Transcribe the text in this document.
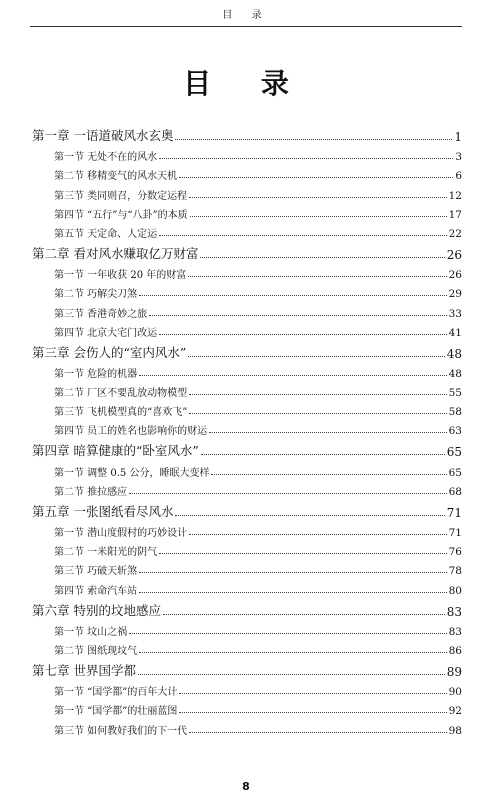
目 录
目 录
第一章 一语道破风水玄奥	1
第一节 无处不在的风水	3
第二节 移精变气的风水天机	6
第三节 类同则召，分数定运程	12
第四节 “五行”与“八卦”的本质	17
第五节 天定命、人定运	22
第二章 看对风水赚取亿万财富	26
第一节 一年收获 20 年的财富	26
第二节 巧解尖刀煞	29
第三节 香港奇妙之旅	33
第四节 北京大宅门改运	41
第三章 会伤人的“室内风水”	48
第一节 危险的机器	48
第二节 厂区不要乱放动物模型	55
第三节 飞机模型真的“喜欢飞”	58
第四节 员工的姓名也影响你的财运	63
第四章 暗算健康的“卧室风水”	65
第一节 调整 0.5 公分，睡眠大变样	65
第二节 推拉感应	68
第五章 一张图纸看尽风水	71
第一节 潜山度假村的巧妙设计	71
第二节 一米阳光的阴气	76
第三节 巧破天斩煞	78
第四节 索命汽车站	80
第六章 特别的坟地感应	83
第一节 坟山之祸	83
第二节 图纸现坟气	86
第七章 世界国学都	89
第一节 “国学都”的百年大计	90
第一节 “国学都”的壮丽蓝图	92
第三节 如何教好我们的下一代	98
8
